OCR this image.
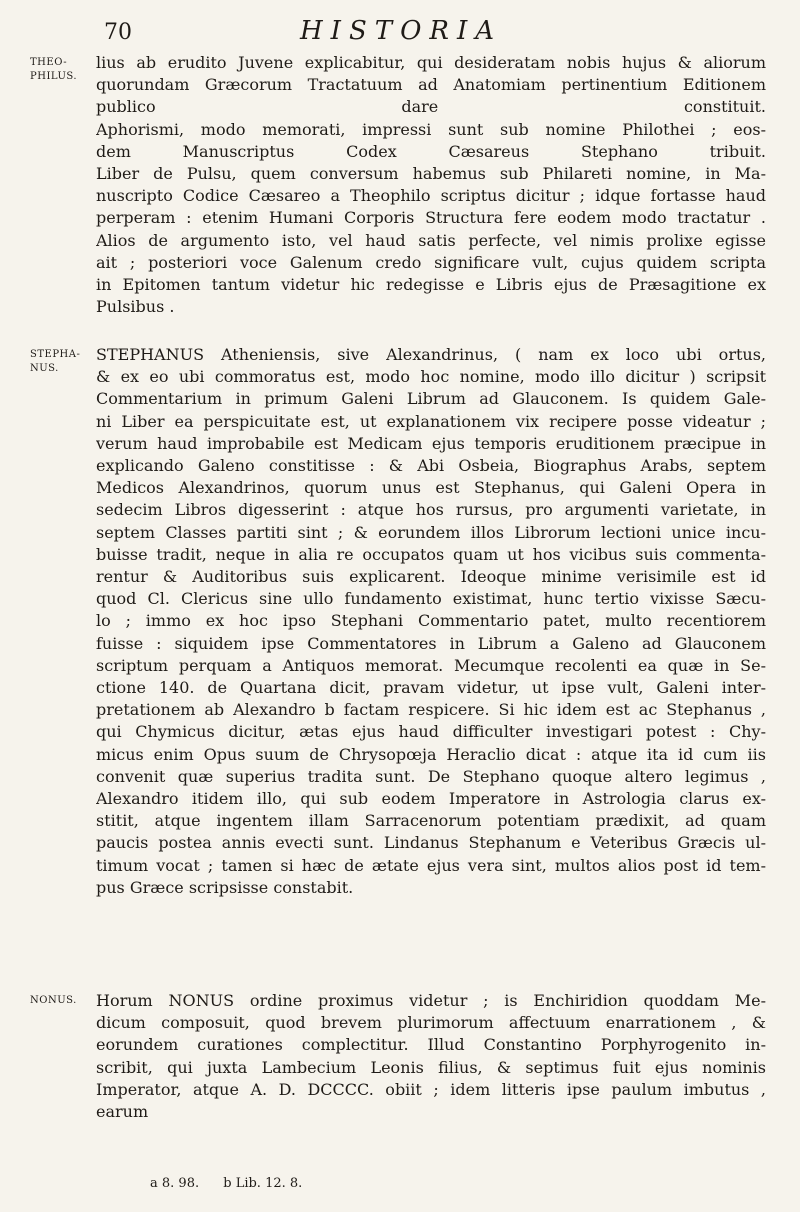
70	HISTORIA
THEO-
PHILUS.
STEPHA-
NUS.
NONUS.
lius ab erudito Juvene explicabitur, qui desideratam nobis hujus & aliorum
quorundam Græcorum Tractatuum ad Anatomiam pertinentium Editionem
publico dare constituit.
Aphorismi, modo memorati, impressi sunt sub nomine Philothei ; eos-
dem Manuscriptus Codex Cæsareus Stephano tribuit.
Liber de Pulsu, quem conversum habemus sub Philareti nomine, in Ma-
nuscripto Codice Cæsareo a Theophilo scriptus dicitur ; idque fortasse haud
perperam : etenim Humani Corporis Structura fere eodem modo tractatur .
Alios de argumento isto, vel haud satis perfecte, vel nimis prolixe egisse
ait ; posteriori voce Galenum credo significare vult, cujus quidem scripta
in Epitomen tantum videtur hic redegisse e Libris ejus de Præsagitione ex
Pulsibus .
STEPHANUS Atheniensis, sive Alexandrinus, ( nam ex loco ubi ortus,
& ex eo ubi commoratus est, modo hoc nomine, modo illo dicitur ) scripsit
Commentarium in primum Galeni Librum ad Glauconem. Is quidem Gale-
ni Liber ea perspicuitate est, ut explanationem vix recipere posse videatur ;
verum haud improbabile est Medicam ejus temporis eruditionem præcipue in
explicando Galeno constitisse : & Abi Osbeia, Biographus Arabs, septem
Medicos Alexandrinos, quorum unus est Stephanus, qui Galeni Opera in
sedecim Libros digesserint : atque hos rursus, pro argumenti varietate, in
septem Classes partiti sint ; & eorundem illos Librorum lectioni unice incu-
buisse tradit, neque in alia re occupatos quam ut hos vicibus suis commenta-
rentur & Auditoribus suis explicarent. Ideoque minime verisimile est id
quod Cl. Clericus sine ullo fundamento existimat, hunc tertio vixisse Sæcu-
lo ; immo ex hoc ipso Stephani Commentario patet, multo recentiorem
fuisse : siquidem ipse Commentatores in Librum a Galeno ad Glauconem
scriptum perquam a Antiquos memorat. Mecumque recolenti ea quæ in Se-
ctione 140. de Quartana dicit, pravam videtur, ut ipse vult, Galeni inter-
pretationem ab Alexandro b factam respicere. Si hic idem est ac Stephanus ,
qui Chymicus dicitur, ætas ejus haud difficulter investigari potest : Chy-
micus enim Opus suum de Chrysopœja Heraclio dicat : atque ita id cum iis
convenit quæ superius tradita sunt. De Stephano quoque altero legimus ,
Alexandro itidem illo, qui sub eodem Imperatore in Astrologia clarus ex-
stitit, atque ingentem illam Sarracenorum potentiam prædixit, ad quam
paucis postea annis evecti sunt. Lindanus Stephanum e Veteribus Græcis ul-
timum vocat ; tamen si hæc de ætate ejus vera sint, multos alios post id tem-
pus Græce scripsisse constabit.
Horum NONUS ordine proximus videtur ; is Enchiridion quoddam Me-
dicum composuit, quod brevem plurimorum affectuum enarrationem , &
eorundem curationes complectitur. Illud Constantino Porphyrogenito in-
scribit, qui juxta Lambecium Leonis filius, & septimus fuit ejus nominis
Imperator, atque A. D. DCCCC. obiit ; idem litteris ipse paulum imbutus ,
earum
a 8. 98. b Lib. 12. 8.
